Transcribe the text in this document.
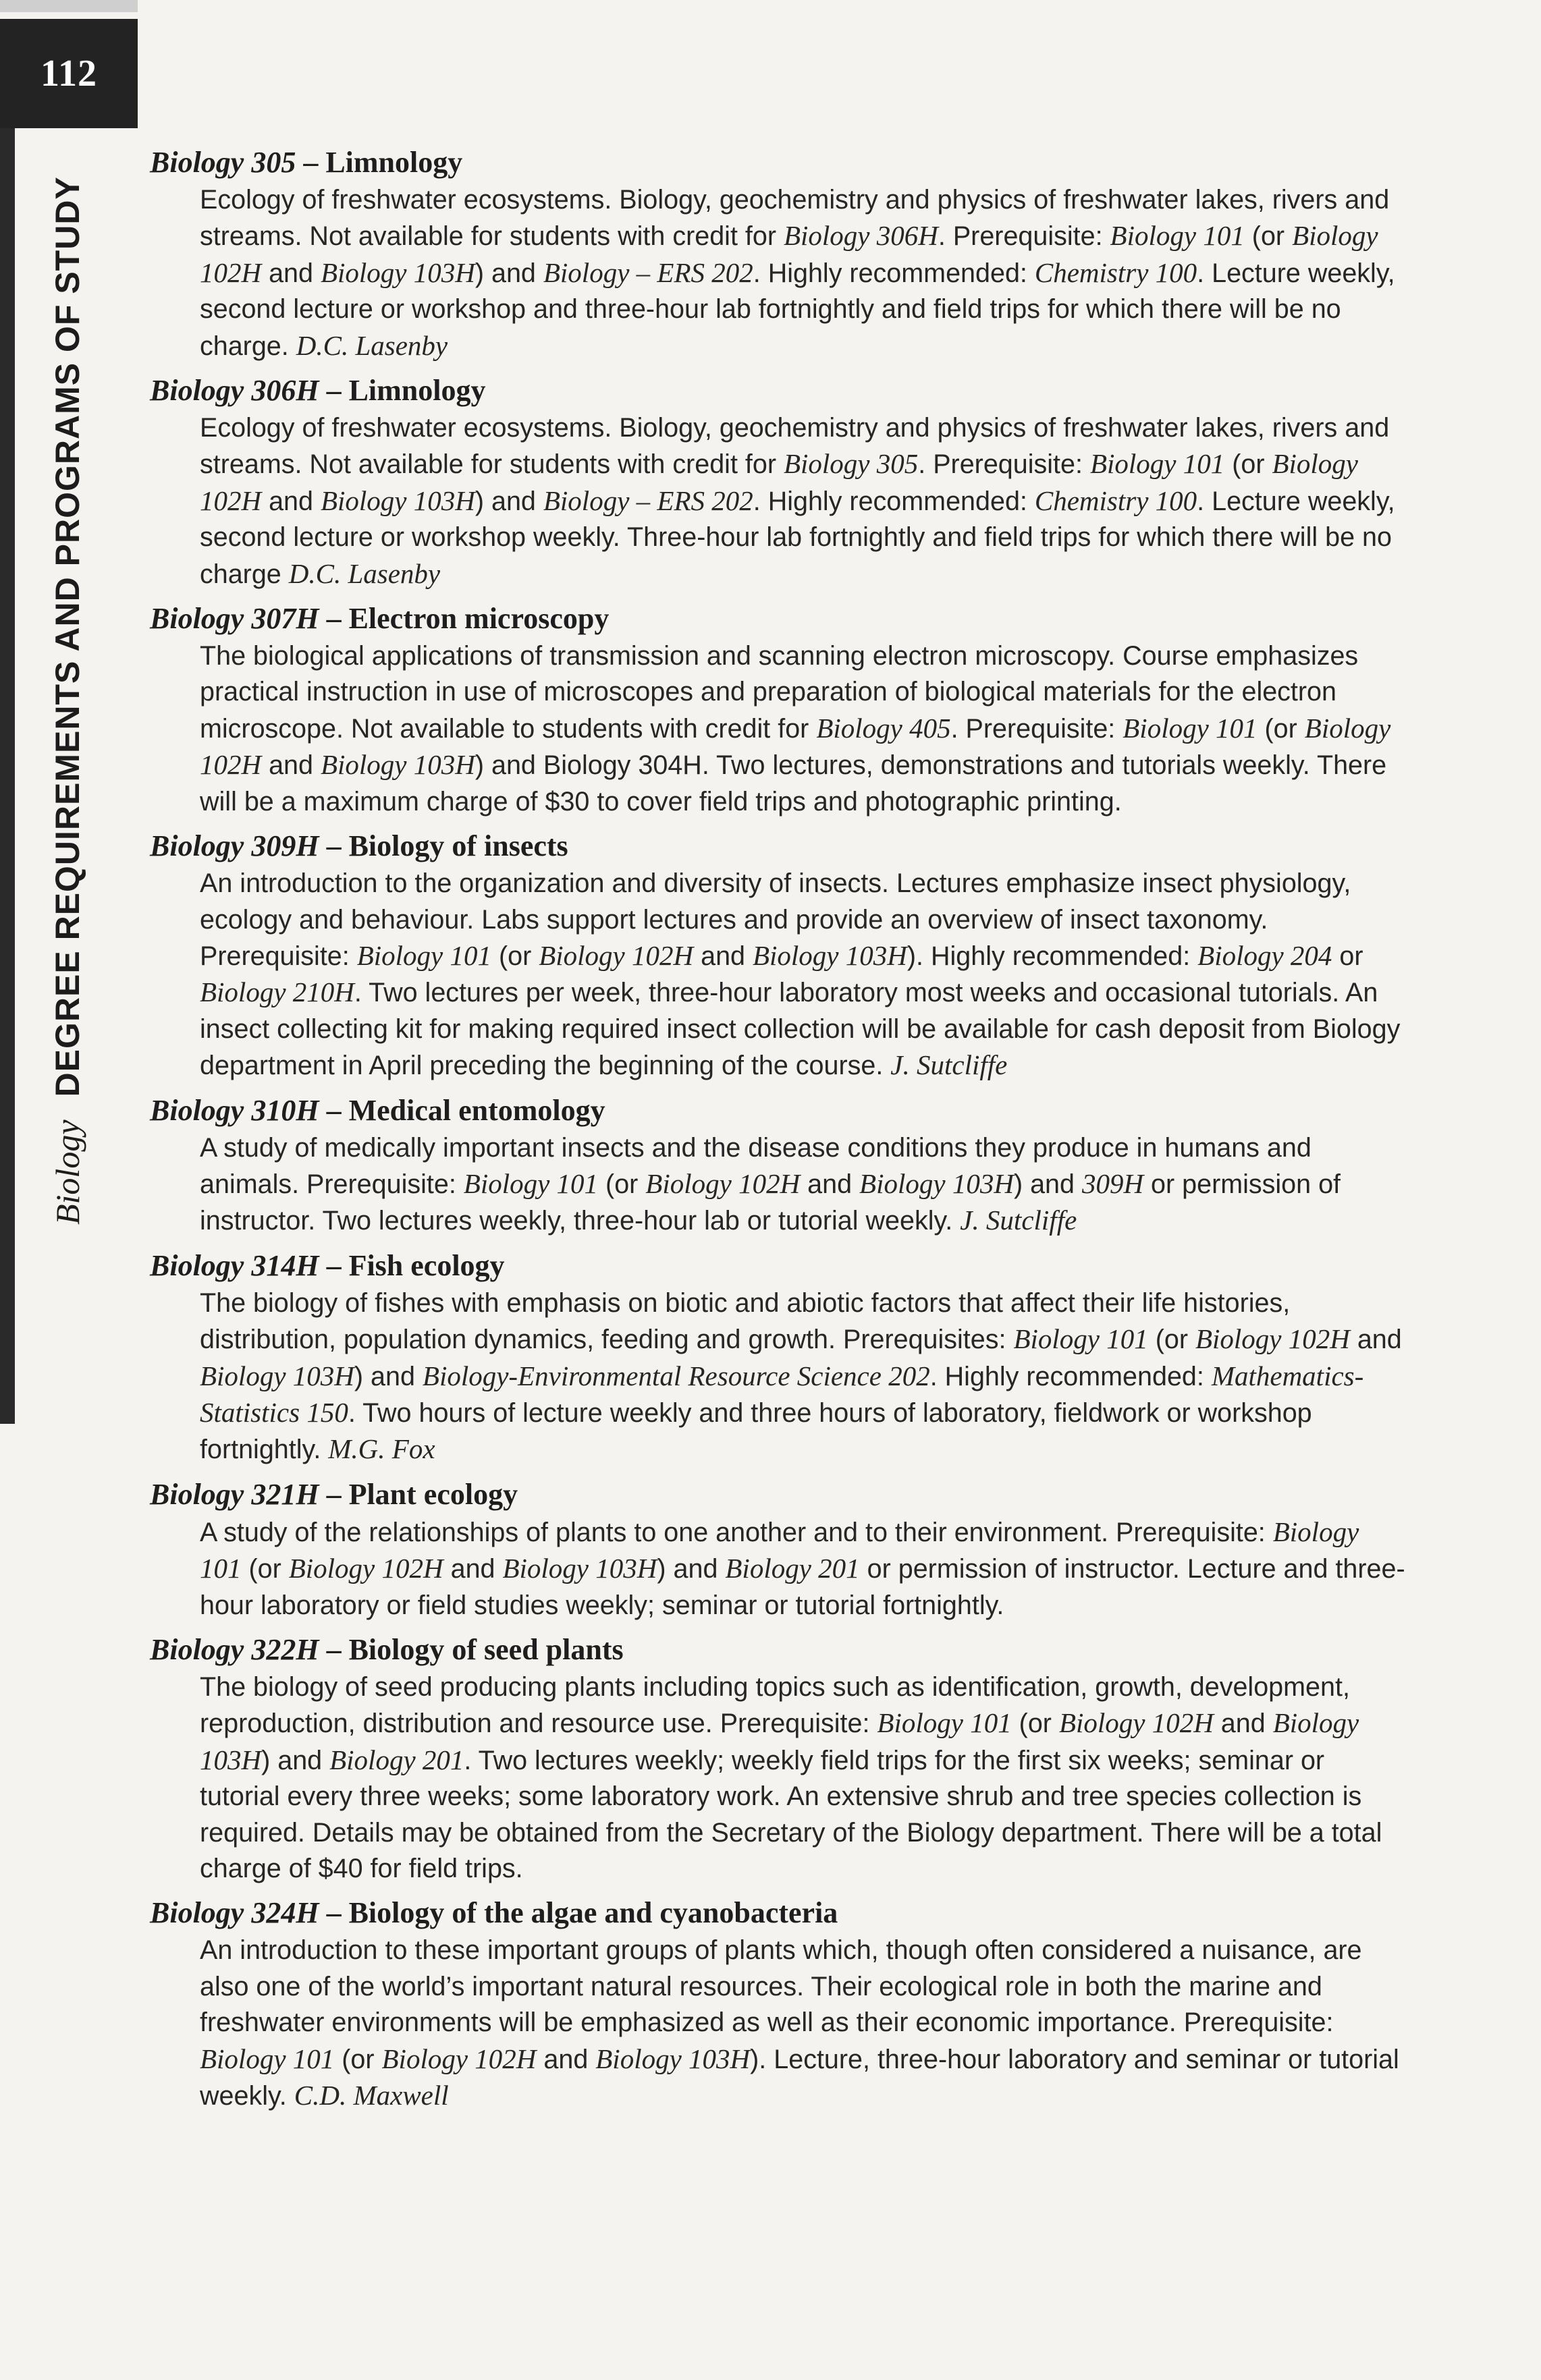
112
Biology
DEGREE REQUIREMENTS AND PROGRAMS OF STUDY
Biology 305 – Limnology
Ecology of freshwater ecosystems. Biology, geochemistry and physics of freshwater lakes, rivers and streams. Not available for students with credit for Biology 306H. Prerequisite: Biology 101 (or Biology 102H and Biology 103H) and Biology – ERS 202. Highly recommended: Chemistry 100. Lecture weekly, second lecture or workshop and three-hour lab fortnightly and field trips for which there will be no charge. D.C. Lasenby
Biology 306H – Limnology
Ecology of freshwater ecosystems. Biology, geochemistry and physics of freshwater lakes, rivers and streams. Not available for students with credit for Biology 305. Prerequisite: Biology 101 (or Biology 102H and Biology 103H) and Biology – ERS 202. Highly recommended: Chemistry 100. Lecture weekly, second lecture or workshop weekly. Three-hour lab fortnightly and field trips for which there will be no charge D.C. Lasenby
Biology 307H – Electron microscopy
The biological applications of transmission and scanning electron microscopy. Course emphasizes practical instruction in use of microscopes and preparation of biological materials for the electron microscope. Not available to students with credit for Biology 405. Prerequisite: Biology 101 (or Biology 102H and Biology 103H) and Biology 304H. Two lectures, demonstrations and tutorials weekly. There will be a maximum charge of $30 to cover field trips and photographic printing.
Biology 309H – Biology of insects
An introduction to the organization and diversity of insects. Lectures emphasize insect physiology, ecology and behaviour. Labs support lectures and provide an overview of insect taxonomy. Prerequisite: Biology 101 (or Biology 102H and Biology 103H). Highly recommended: Biology 204 or Biology 210H. Two lectures per week, three-hour laboratory most weeks and occasional tutorials. An insect collecting kit for making required insect collection will be available for cash deposit from Biology department in April preceding the beginning of the course. J. Sutcliffe
Biology 310H – Medical entomology
A study of medically important insects and the disease conditions they produce in humans and animals. Prerequisite: Biology 101 (or Biology 102H and Biology 103H) and 309H or permission of instructor. Two lectures weekly, three-hour lab or tutorial weekly. J. Sutcliffe
Biology 314H – Fish ecology
The biology of fishes with emphasis on biotic and abiotic factors that affect their life histories, distribution, population dynamics, feeding and growth. Prerequisites: Biology 101 (or Biology 102H and Biology 103H) and Biology-Environmental Resource Science 202. Highly recommended: Mathematics-Statistics 150. Two hours of lecture weekly and three hours of laboratory, fieldwork or workshop fortnightly. M.G. Fox
Biology 321H – Plant ecology
A study of the relationships of plants to one another and to their environment. Prerequisite: Biology 101 (or Biology 102H and Biology 103H) and Biology 201 or permission of instructor. Lecture and three-hour laboratory or field studies weekly; seminar or tutorial fortnightly.
Biology 322H – Biology of seed plants
The biology of seed producing plants including topics such as identification, growth, development, reproduction, distribution and resource use. Prerequisite: Biology 101 (or Biology 102H and Biology 103H) and Biology 201. Two lectures weekly; weekly field trips for the first six weeks; seminar or tutorial every three weeks; some laboratory work. An extensive shrub and tree species collection is required. Details may be obtained from the Secretary of the Biology department. There will be a total charge of $40 for field trips.
Biology 324H – Biology of the algae and cyanobacteria
An introduction to these important groups of plants which, though often considered a nuisance, are also one of the world’s important natural resources. Their ecological role in both the marine and freshwater environments will be emphasized as well as their economic importance. Prerequisite: Biology 101 (or Biology 102H and Biology 103H). Lecture, three-hour laboratory and seminar or tutorial weekly. C.D. Maxwell
